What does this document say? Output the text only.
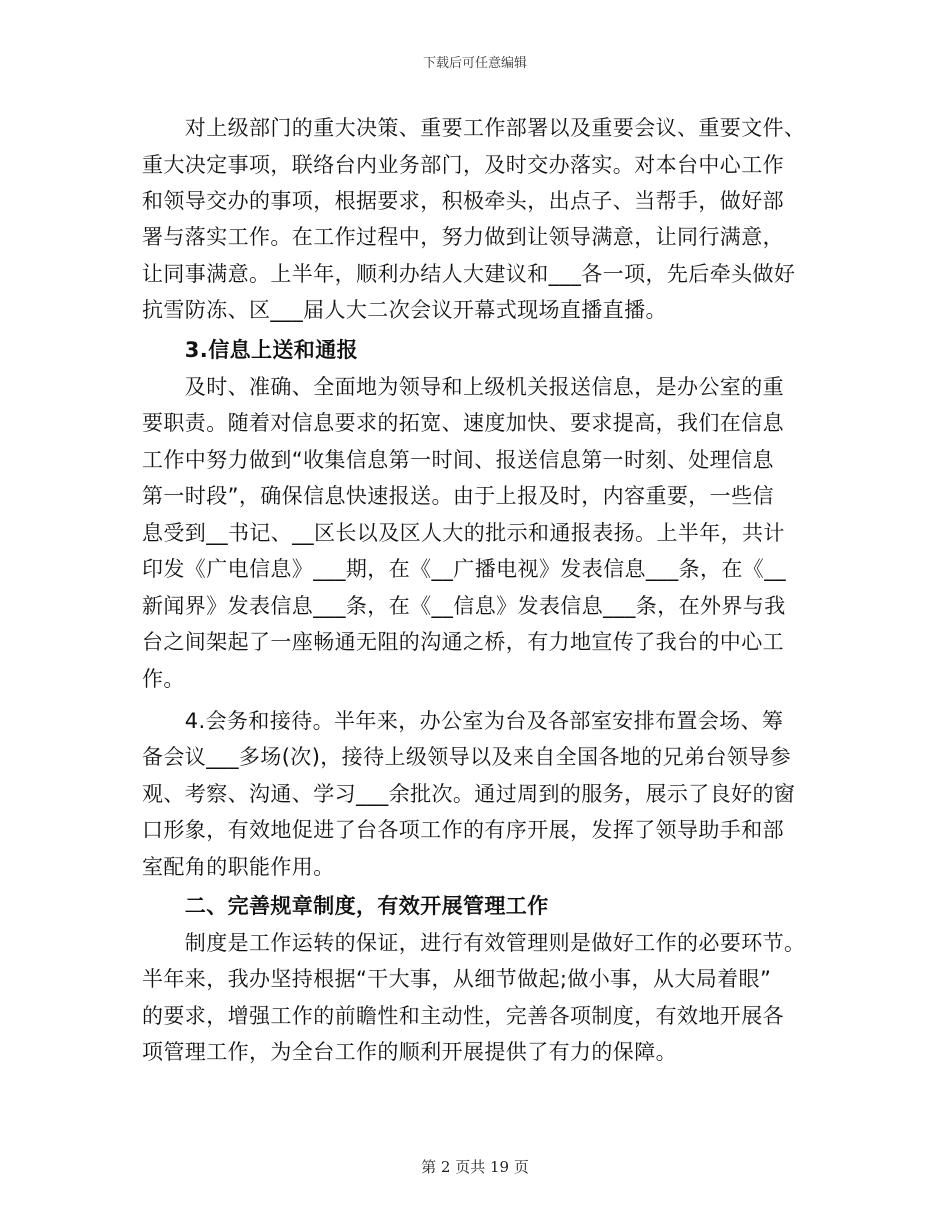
下载后可任意编辑
　　对上级部门的重大决策、重要工作部署以及重要会议、重要文件、
重大决定事项，联络台内业务部门，及时交办落实。对本台中心工作
和领导交办的事项，根据要求，积极牵头，出点子、当帮手，做好部
署与落实工作。在工作过程中，努力做到让领导满意，让同行满意，
让同事满意。上半年，顺利办结人大建议和___各一项，先后牵头做好
抗雪防冻、区___届人大二次会议开幕式现场直播直播。
　　3.信息上送和通报
　　及时、准确、全面地为领导和上级机关报送信息，是办公室的重
要职责。随着对信息要求的拓宽、速度加快、要求提高，我们在信息
工作中努力做到“收集信息第一时间、报送信息第一时刻、处理信息
第一时段”，确保信息快速报送。由于上报及时，内容重要，一些信
息受到__书记、__区长以及区人大的批示和通报表扬。上半年，共计
印发《广电信息》___期，在《__广播电视》发表信息___条，在《__
新闻界》发表信息___条，在《__信息》发表信息___条，在外界与我
台之间架起了一座畅通无阻的沟通之桥，有力地宣传了我台的中心工
作。
　　4.会务和接待。半年来，办公室为台及各部室安排布置会场、筹
备会议___多场(次)，接待上级领导以及来自全国各地的兄弟台领导参
观、考察、沟通、学习___余批次。通过周到的服务，展示了良好的窗
口形象，有效地促进了台各项工作的有序开展，发挥了领导助手和部
室配角的职能作用。
　　二、完善规章制度，有效开展管理工作
　　制度是工作运转的保证，进行有效管理则是做好工作的必要环节。
半年来，我办坚持根据“干大事，从细节做起;做小事，从大局着眼”
的要求，增强工作的前瞻性和主动性，完善各项制度，有效地开展各
项管理工作，为全台工作的顺利开展提供了有力的保障。
第 2 页共 19 页
